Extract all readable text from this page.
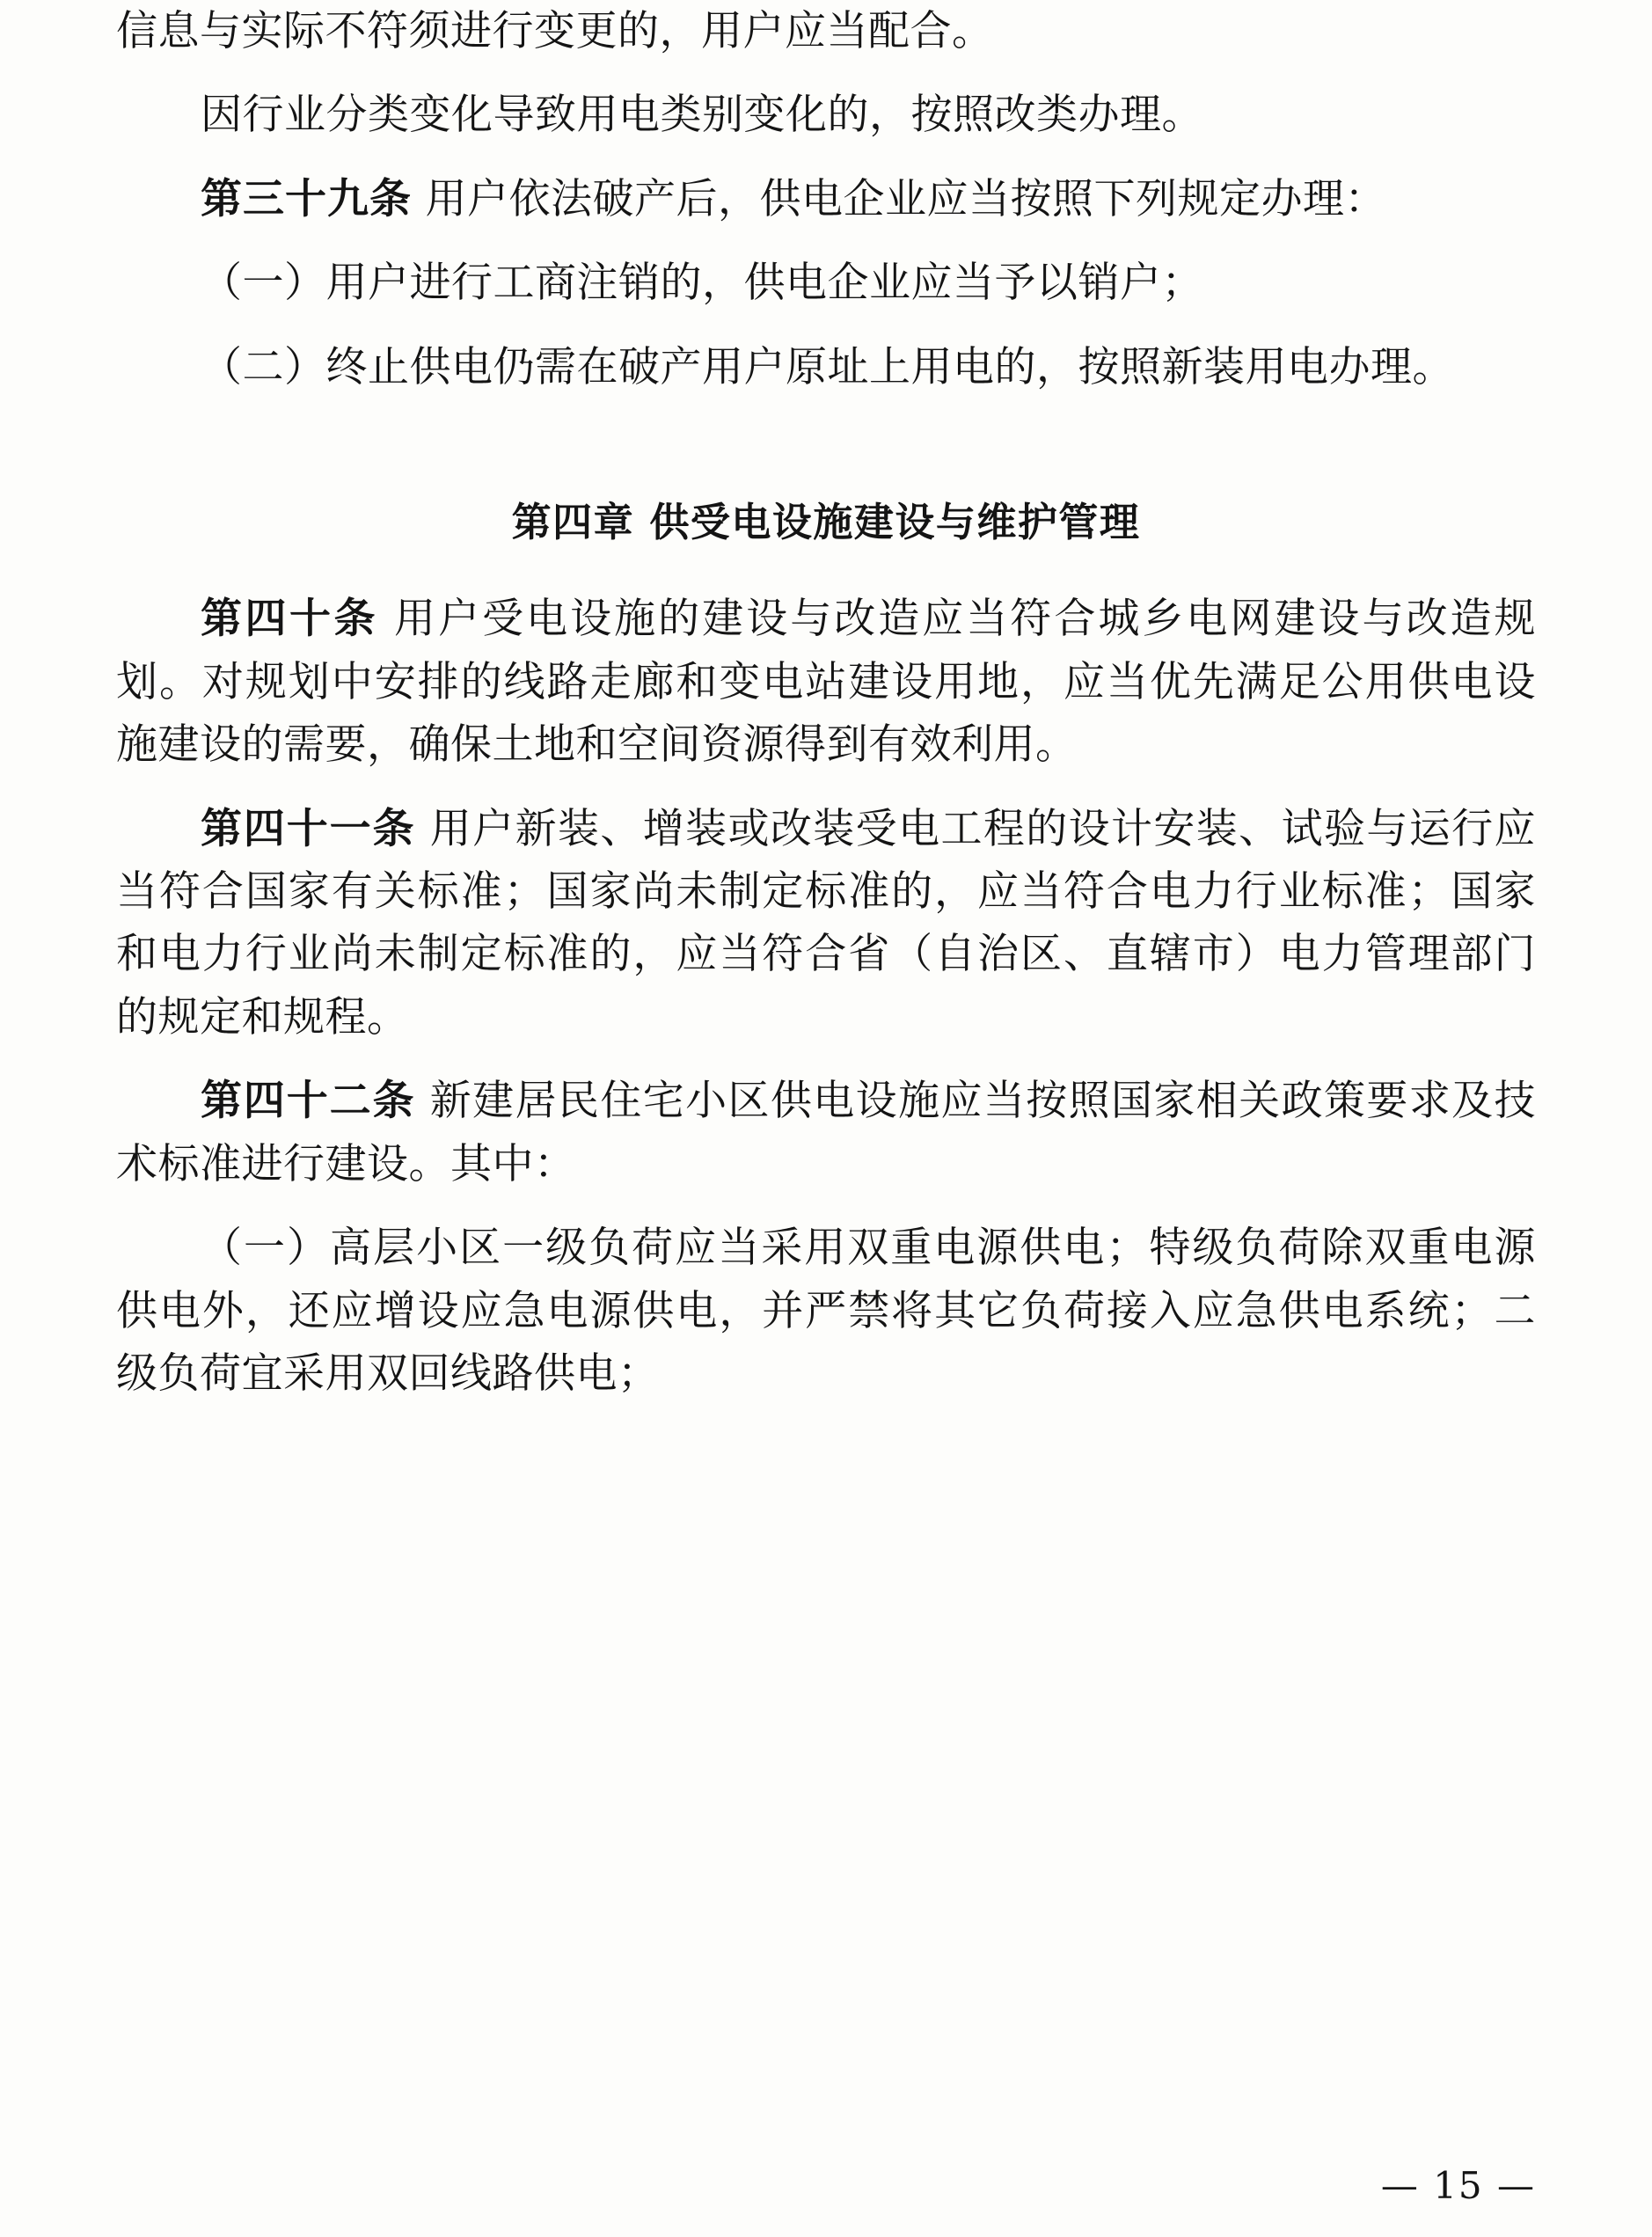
信息与实际不符须进行变更的，用户应当配合。

因行业分类变化导致用电类别变化的，按照改类办理。

第三十九条 用户依法破产后，供电企业应当按照下列规定办理：

（一）用户进行工商注销的，供电企业应当予以销户；

（二）终止供电仍需在破产用户原址上用电的，按照新装用电办理。

第四章 供受电设施建设与维护管理

第四十条 用户受电设施的建设与改造应当符合城乡电网建设与改造规划。对规划中安排的线路走廊和变电站建设用地，应当优先满足公用供电设施建设的需要，确保土地和空间资源得到有效利用。

第四十一条 用户新装、增装或改装受电工程的设计安装、试验与运行应当符合国家有关标准；国家尚未制定标准的，应当符合电力行业标准；国家和电力行业尚未制定标准的，应当符合省（自治区、直辖市）电力管理部门的规定和规程。

第四十二条 新建居民住宅小区供电设施应当按照国家相关政策要求及技术标准进行建设。其中：

（一）高层小区一级负荷应当采用双重电源供电；特级负荷除双重电源供电外，还应增设应急电源供电，并严禁将其它负荷接入应急供电系统；二级负荷宜采用双回线路供电；

— 15 —
